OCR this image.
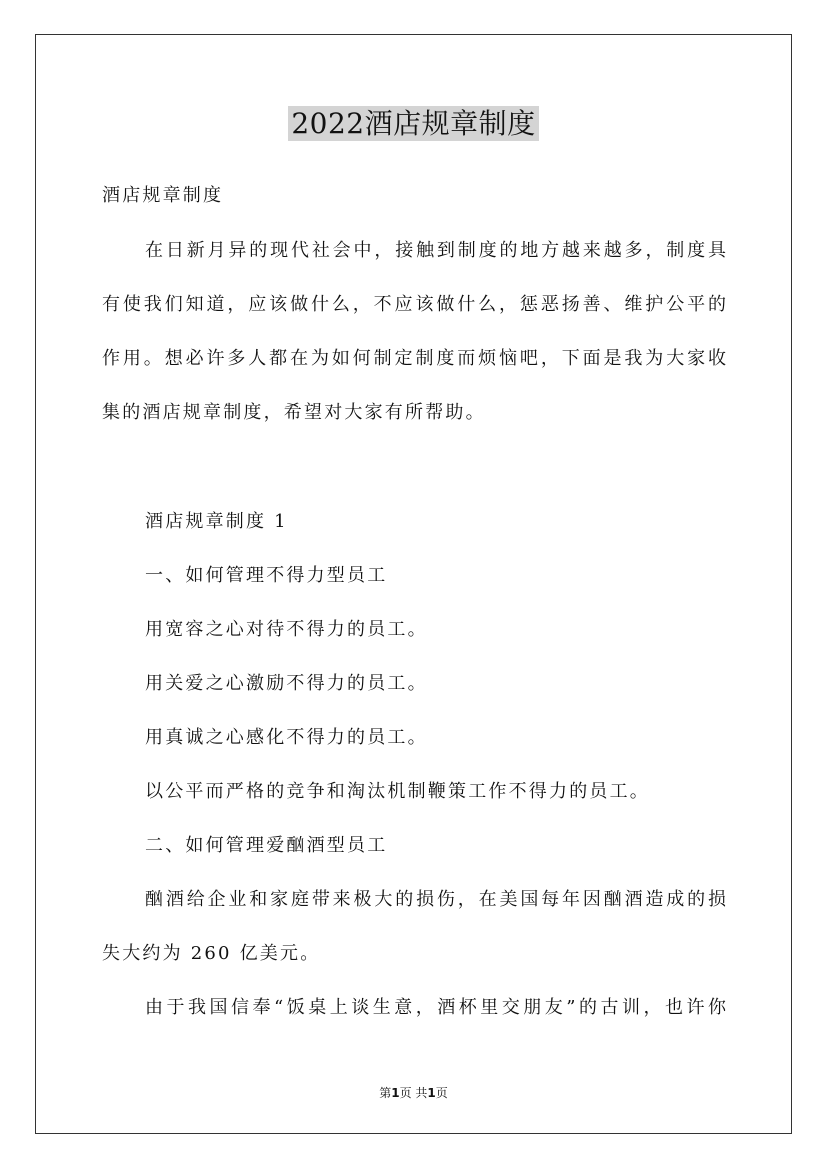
2022酒店规章制度
酒店规章制度
在日新月异的现代社会中，接触到制度的地方越来越多，制度具
有使我们知道，应该做什么，不应该做什么，惩恶扬善、维护公平的
作用。想必许多人都在为如何制定制度而烦恼吧，下面是我为大家收
集的酒店规章制度，希望对大家有所帮助。
酒店规章制度 1
一、如何管理不得力型员工
用宽容之心对待不得力的员工。
用关爱之心激励不得力的员工。
用真诚之心感化不得力的员工。
以公平而严格的竞争和淘汰机制鞭策工作不得力的员工。
二、如何管理爱酗酒型员工
酗酒给企业和家庭带来极大的损伤，在美国每年因酗酒造成的损
失大约为 260 亿美元。
由于我国信奉“饭桌上谈生意，酒杯里交朋友”的古训，也许你
第1页 共1页
